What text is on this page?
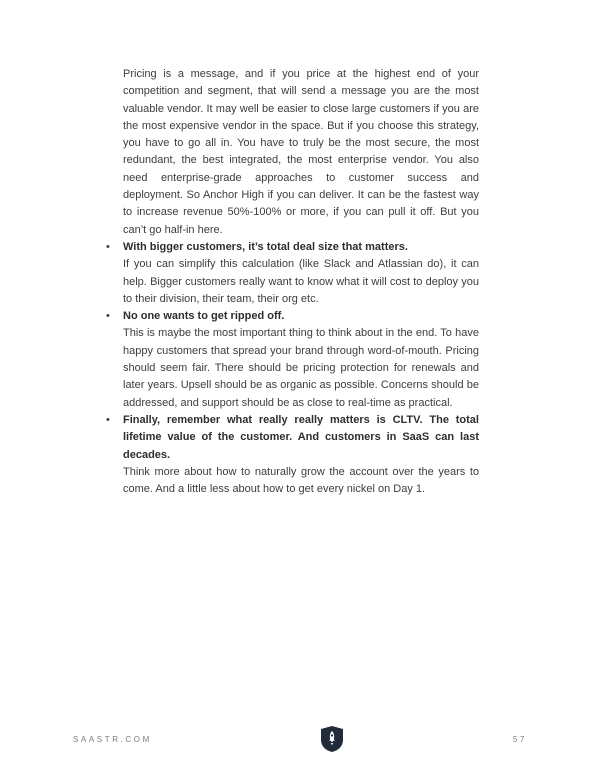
Pricing is a message, and if you price at the highest end of your competition and segment, that will send a message you are the most valuable vendor. It may well be easier to close large customers if you are the most expensive vendor in the space. But if you choose this strategy, you have to go all in. You have to truly be the most secure, the most redundant, the best integrated, the most enterprise vendor. You also need enterprise-grade approaches to customer success and deployment. So Anchor High if you can deliver. It can be the fastest way to increase revenue 50%-100% or more, if you can pull it off. But you can’t go half-in here.

• With bigger customers, it’s total deal size that matters.
If you can simplify this calculation (like Slack and Atlassian do), it can help. Bigger customers really want to know what it will cost to deploy you to their division, their team, their org etc.
• No one wants to get ripped off.
This is maybe the most important thing to think about in the end. To have happy customers that spread your brand through word-of-mouth. Pricing should seem fair. There should be pricing protection for renewals and later years. Upsell should be as organic as possible. Concerns should be addressed, and support should be as close to real-time as practical.
• Finally, remember what really really matters is CLTV. The total lifetime value of the customer. And customers in SaaS can last decades.
Think more about how to naturally grow the account over the years to come. And a little less about how to get every nickel on Day 1.
SAASTR.COM	57
